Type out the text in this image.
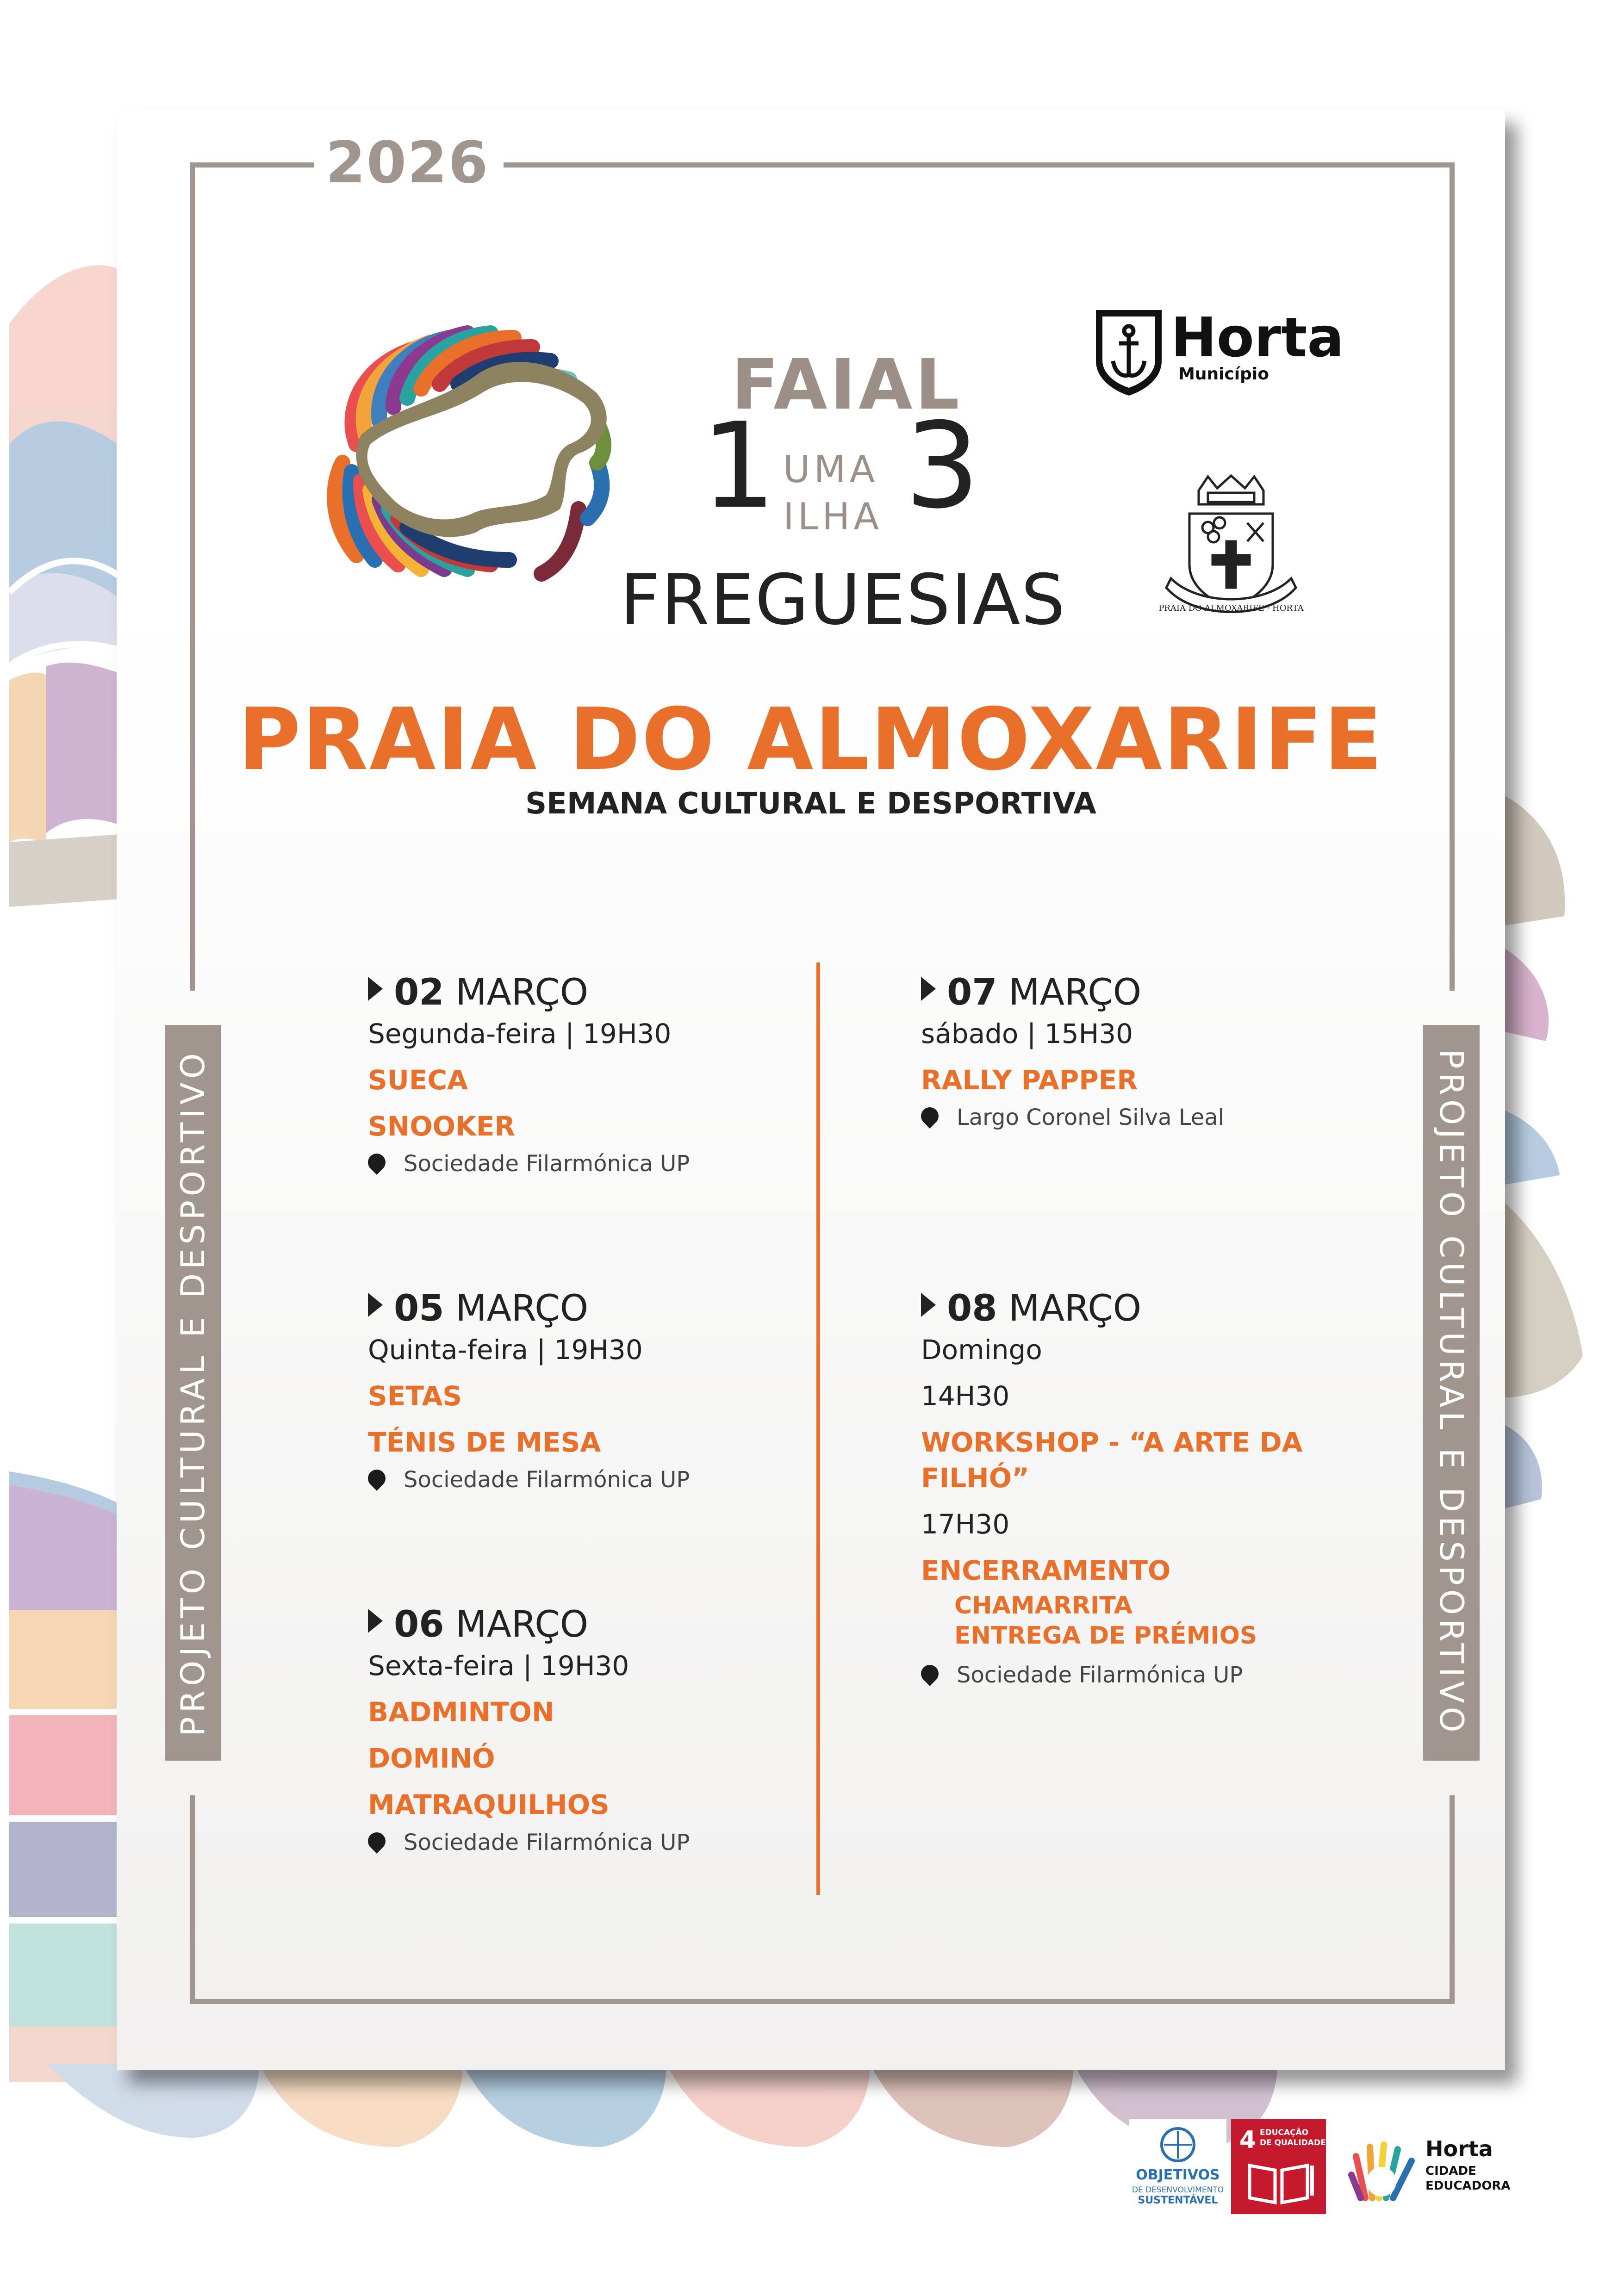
2026
FAIAL
1 3
UMA
ILHA
FREGUESIAS
Horta
Município
PRAIA DO ALMOXARIFE · HORTA
PRAIA DO ALMOXARIFE
SEMANA CULTURAL E DESPORTIVA
PROJETO CULTURAL E DESPORTIVO	PROJETO CULTURAL E DESPORTIVO
02 MARÇO
Segunda-feira | 19H30
SUECA
SNOOKER
Sociedade Filarmónica UP
05 MARÇO
Quinta-feira | 19H30
SETAS
TÉNIS DE MESA
Sociedade Filarmónica UP
06 MARÇO
Sexta-feira | 19H30
BADMINTON
DOMINÓ
MATRAQUILHOS
Sociedade Filarmónica UP
07 MARÇO
sábado | 15H30
RALLY PAPPER
Largo Coronel Silva Leal
08 MARÇO
Domingo
14H30
WORKSHOP - “A ARTE DA
FILHÓ”
17H30
ENCERRAMENTO
CHAMARRITA
ENTREGA DE PRÉMIOS
Sociedade Filarmónica UP
OBJETIVOS
DE DESENVOLVIMENTO
SUSTENTÁVEL
4 EDUCAÇÃO
DE QUALIDADE	Horta
CIDADE
EDUCADORA
